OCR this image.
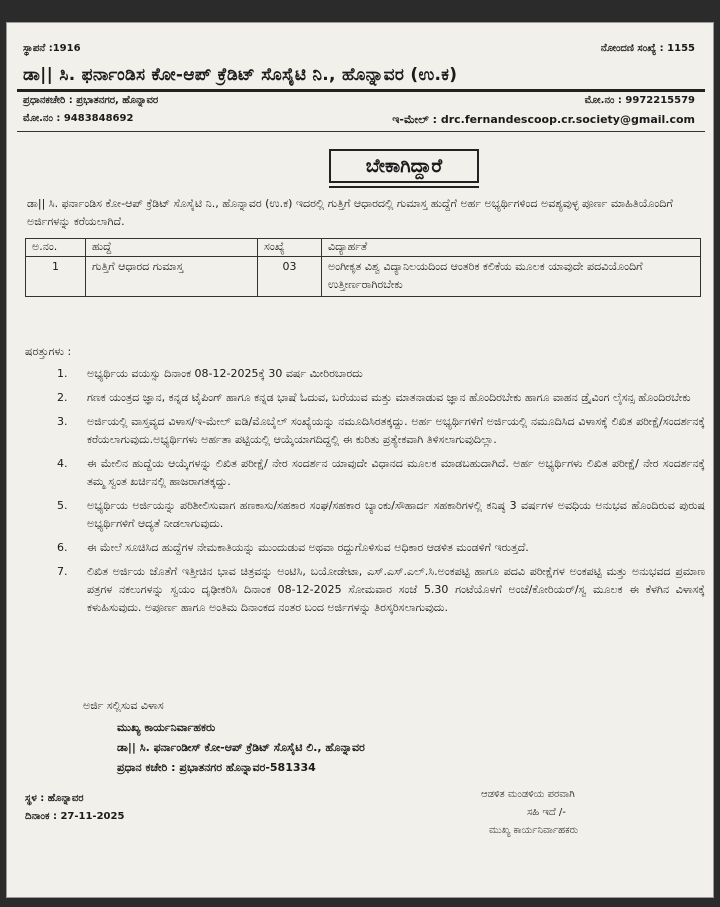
ಸ್ಥಾಪನೆ :1916	ನೋಂದಣಿ ಸಂಖ್ಯೆ : 1155
ಡಾ|| ಸಿ. ಫರ್ನಾಂಡಿಸ ಕೋ-ಆಪ್ ಕ್ರೆಡಿಟ್ ಸೊಸೈಟಿ ನಿ., ಹೊನ್ನಾವರ (ಉ.ಕ)
ಪ್ರಧಾನಕಚೇರಿ : ಪ್ರಭಾತನಗರ, ಹೊನ್ನಾವರ	ಮೋ.ನಂ : 9972215579
ಮೋ.ನಂ : 9483848692	ಇ-ಮೇಲ್ : drc.fernandescoop.cr.society@gmail.com
ಬೇಕಾಗಿದ್ದಾರೆ
ಡಾ|| ಸಿ. ಫರ್ನಾಂಡಿಸ ಕೋ-ಆಪ್ ಕ್ರೆಡಿಟ್ ಸೊಸೈಟಿ ನಿ., ಹೊನ್ನಾವರ (ಉ.ಕ) ಇದರಲ್ಲಿ ಗುತ್ತಿಗೆ ಆಧಾರದಲ್ಲಿ ಗುಮಾಸ್ತ ಹುದ್ದೆಗೆ ಅರ್ಹ ಅಭ್ಯರ್ಥಿಗಳಿಂದ ಅವಶ್ಯವುಳ್ಳ ಪೂರ್ಣ ಮಾಹಿತಿಯೊಂದಿಗೆ ಅರ್ಜಿಗಳನ್ನು ಕರೆಯಲಾಗಿದೆ.
ಅ.ನಂ.	ಹುದ್ದೆ	ಸಂಖ್ಯೆ	ವಿದ್ಯಾರ್ಹತೆ
1	ಗುತ್ತಿಗೆ ಆಧಾರದ ಗುಮಾಸ್ತ	03	ಅಂಗೀಕೃತ ವಿಶ್ವ ವಿದ್ಯಾನಿಲಯದಿಂದ ಆಂತರಿಕ ಕಲಿಕೆಯ ಮೂಲಕ ಯಾವುದೇ ಪದವಿಯೊಂದಿಗೆ ಉತ್ತೀರ್ಣರಾಗಿರಬೇಕು
ಷರತ್ತುಗಳು :
1. ಅಭ್ಯರ್ಥಿಯ ವಯಸ್ಸು ದಿನಾಂಕ 08-12-2025ಕ್ಕೆ 30 ವರ್ಷ ಮೀರಿರಬಾರದು
2. ಗಣಕ ಯಂತ್ರದ ಜ್ಞಾನ, ಕನ್ನಡ ಟೈಪಿಂಗ್ ಹಾಗೂ ಕನ್ನಡ ಭಾಷೆ ಓದುವ, ಬರೆಯುವ ಮತ್ತು ಮಾತನಾಡುವ ಜ್ಞಾನ ಹೊಂದಿರಬೇಕು ಹಾಗೂ ವಾಹನ ಡ್ರೈವಿಂಗ ಲೈಸನ್ಸ ಹೊಂದಿರಬೇಕು
3. ಅರ್ಜಿಯಲ್ಲಿ ವಾಸ್ತವ್ಯದ ವಿಳಾಸ/ಇ-ಮೇಲ್ ಐಡಿ/ಮೊಬೈಲ್ ಸಂಖ್ಯೆಯನ್ನು ನಮೂದಿಸಿರತಕ್ಕದ್ದು. ಅರ್ಹ ಅಭ್ಯರ್ಥಿಗಳಿಗೆ ಅರ್ಜಿಯಲ್ಲಿ ನಮೂದಿಸಿದ ವಿಳಾಸಕ್ಕೆ ಲಿಖಿತ ಪರೀಕ್ಷೆ/ಸಂದರ್ಶನಕ್ಕೆ ಕರೆಯಲಾಗುವುದು.ಅಭ್ಯರ್ಥಿಗಳು ಅರ್ಹತಾ ಪಟ್ಟಿಯಲ್ಲಿ ಆಯ್ಕೆಯಾಗದಿದ್ದಲ್ಲಿ ಈ ಕುರಿತು ಪ್ರತ್ಯೇಕವಾಗಿ ತಿಳಿಸಲಾಗುವುದಿಲ್ಲಾ.
4. ಈ ಮೇಲಿನ ಹುದ್ದೆಯ ಆಯ್ಕೆಗಳನ್ನು ಲಿಖಿತ ಪರೀಕ್ಷೆ/ ನೇರ ಸಂದರ್ಶನ ಯಾವುದೇ ವಿಧಾನದ ಮೂಲಕ ಮಾಡಬಹುದಾಗಿದೆ. ಅರ್ಹ ಅಭ್ಯರ್ಥಿಗಳು ಲಿಖಿತ ಪರೀಕ್ಷೆ/ ನೇರ ಸಂದರ್ಶನಕ್ಕೆ ತಮ್ಮ ಸ್ವಂತ ಖರ್ಚಿನಲ್ಲಿ ಹಾಜರಾಗತಕ್ಕದ್ದು.
5. ಅಭ್ಯರ್ಥಿಯ ಅರ್ಜಿಯನ್ನು ಪರಿಶೀಲಿಸುವಾಗ ಹಣಕಾಸು/ಸಹಕಾರ ಸಂಘ/ಸಹಕಾರ ಬ್ಯಾಂಕು/ಸೌಹಾರ್ದ ಸಹಕಾರಿಗಳಲ್ಲಿ ಕನಿಷ್ಠ 3 ವರ್ಷಗಳ ಅವಧಿಯ ಅನುಭವ ಹೊಂದಿರುವ ಪುರುಷ ಅಭ್ಯರ್ಥಿಗಳಿಗೆ ಆದ್ಯತೆ ನೀಡಲಾಗುವುದು.
6. ಈ ಮೇಲೆ ಸೂಚಿಸಿದ ಹುದ್ದೆಗಳ ನೇಮಕಾತಿಯನ್ನು ಮುಂದುಡುವ ಅಥವಾ ರದ್ದುಗೊಳಿಸುವ ಅಧಿಕಾರ ಆಡಳಿತ ಮಂಡಳಿಗೆ ಇರುತ್ತದೆ.
7. ಲಿಖಿತ ಅರ್ಜಿಯ ಜೊತೆಗೆ ಇತ್ತೀಚಿನ ಭಾವ ಚಿತ್ರವನ್ನು ಅಂಟಿಸಿ, ಬಯೋಡೇಟಾ, ಎಸ್.ಎಸ್.ಎಲ್.ಸಿ.ಅಂಕಪಟ್ಟಿ ಹಾಗೂ ಪದವಿ ಪರೀಕ್ಷೆಗಳ ಅಂಕಪಟ್ಟಿ ಮತ್ತು ಅನುಭವದ ಪ್ರಮಾಣ ಪತ್ರಗಳ ನಕಲುಗಳನ್ನು ಸ್ವಯಂ ದೃಢೀಕರಿಸಿ ದಿನಾಂಕ 08-12-2025 ಸೋಮವಾರ ಸಂಜೆ 5.30 ಗಂಟೆಯೊಳಗೆ ಅಂಚೆ/ಕೋರಿಯರ್/ಸ್ವ ಮೂಲಕ ಈ ಕೆಳಗಿನ ವಿಳಾಸಕ್ಕೆ ಕಳುಹಿಸುವುದು. ಅಪೂರ್ಣ ಹಾಗೂ ಅಂತಿಮ ದಿನಾಂಕದ ನಂತರ ಬಂದ ಅರ್ಜಿಗಳನ್ನು ತಿರಸ್ಕರಿಸಲಾಗುವುದು.
ಅರ್ಜಿ ಸಲ್ಲಿಸುವ ವಿಳಾಸ
ಮುಖ್ಯ ಕಾರ್ಯನಿರ್ವಾಹಕರು
ಡಾ|| ಸಿ. ಫರ್ನಾಂಡೀಸ್ ಕೋ-ಆಪ್ ಕ್ರೆಡಿಟ್ ಸೊಸೈಟಿ ಲಿ., ಹೊನ್ನಾವರ
ಪ್ರಧಾನ ಕಚೇರಿ : ಪ್ರಭಾತನಗರ ಹೊನ್ನಾವರ-581334
ಸ್ಥಳ : ಹೊನ್ನಾವರ
ದಿನಾಂಕ : 27-11-2025
ಆಡಳಿತ ಮಂಡಳಿಯ ಪರವಾಗಿ
ಸಹಿ ಇದೆ /-
ಮುಖ್ಯ ಕಾರ್ಯನಿರ್ವಾಹಕರು
